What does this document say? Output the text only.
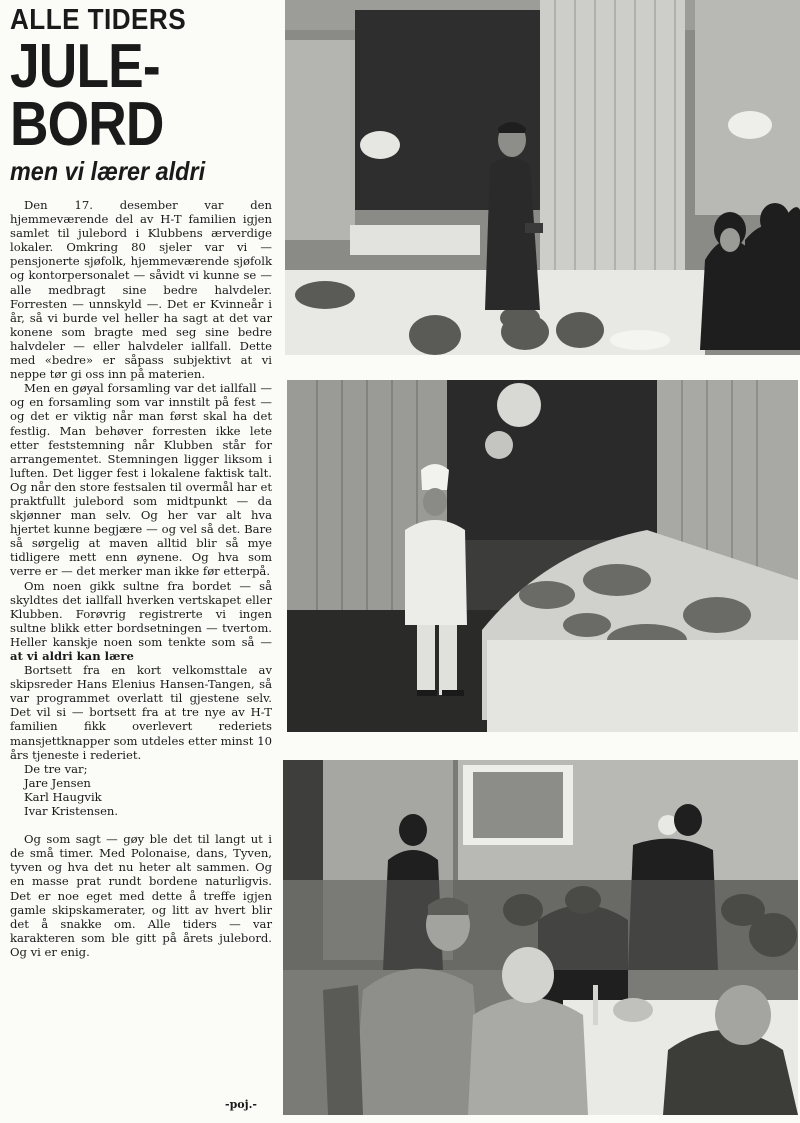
ALLE TIDERS
JULE-
BORD
men vi lærer aldri

Den 17. desember var den hjemmeværende del av H-T familien igjen samlet til julebord i Klubbens ærverdige lokaler. Omkring 80 sjeler var vi — pensjonerte sjøfolk, hjemmeværende sjøfolk og kontorpersonalet — såvidt vi kunne se — alle medbragt sine bedre halvdeler. Forresten — unnskyld —. Det er Kvinneår i år, så vi burde vel heller ha sagt at det var konene som bragte med seg sine bedre halvdeler — eller halvdeler iallfall. Dette med «bedre» er såpass subjektivt at vi neppe tør gi oss inn på materien.

Men en gøyal forsamling var det iallfall — og en forsamling som var innstilt på fest — og det er viktig når man først skal ha det festlig. Man behøver forresten ikke lete etter feststemning når Klubben står for arrangementet. Stemningen ligger liksom i luften. Det ligger fest i lokalene faktisk talt. Og når den store festsalen til overmål har et praktfullt julebord som midtpunkt — da skjønner man selv. Og her var alt hva hjertet kunne begjære — og vel så det. Bare så sørgelig at maven alltid blir så mye tidligere mett enn øynene. Og hva som verre er — det merker man ikke før etterpå.

Om noen gikk sultne fra bordet — så skyldtes det iallfall hverken vertskapet eller Klubben. Forøvrig registrerte vi ingen sultne blikk etter bordsetningen — tvertom. Heller kanskje noen som tenkte som så — at vi aldri kan lære

Bortsett fra en kort velkomsttale av skipsreder Hans Elenius Hansen-Tangen, så var programmet overlatt til gjestene selv. Det vil si — bortsett fra at tre nye av H-T familien fikk overlevert rederiets mansjettknapper som utdeles etter minst 10 års tjeneste i rederiet.

De tre var;
Jare Jensen
Karl Haugvik
Ivar Kristensen.

Og som sagt — gøy ble det til langt ut i de små timer. Med Polonaise, dans, Tyven, tyven og hva det nu heter alt sammen. Og en masse prat rundt bordene naturligvis. Det er noe eget med dette å treffe igjen gamle skipskamerater, og litt av hvert blir det å snakke om. Alle tiders — var karakteren som ble gitt på årets julebord. Og vi er enig.

-poj.-
